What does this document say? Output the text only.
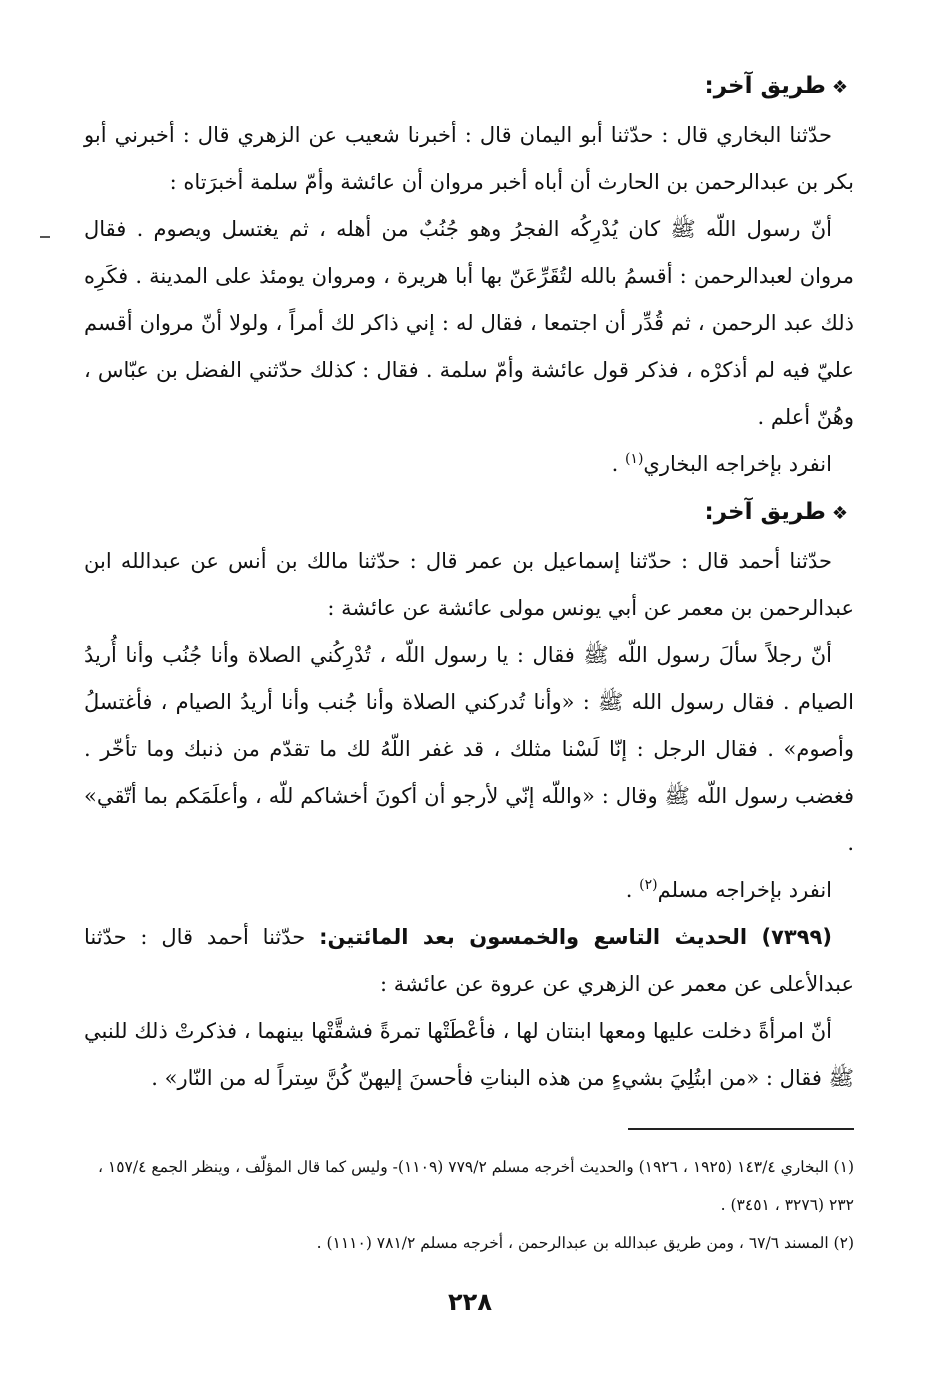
❖طريق آخر:

حدّثنا البخاري قال : حدّثنا أبو اليمان قال : أخبرنا شعيب عن الزهري قال : أخبرني أبو بكر بن عبدالرحمن بن الحارث أن أباه أخبر مروان أن عائشة وأمّ سلمة أخبرَتاه :

أنّ رسول اللّه ﷺ كان يُدْرِكُه الفجرُ وهو جُنُبٌ من أهله ، ثم يغتسل ويصوم . فقال مروان لعبدالرحمن : أقسمُ بالله لتُقَرِّعَنّ بها أبا هريرة ، ومروان يومئذ على المدينة . فكَرِه ذلك عبد الرحمن ، ثم قُدِّر أن اجتمعا ، فقال له : إني ذاكر لك أمراً ، ولولا أنّ مروان أقسم عليّ فيه لم أذكرْه ، فذكر قول عائشة وأمّ سلمة . فقال : كذلك حدّثني الفضل بن عبّاس ، وهُنّ أعلم .

انفرد بإخراجه البخاري$^{(١)}$ .

❖طريق آخر:

حدّثنا أحمد قال : حدّثنا إسماعيل بن عمر قال : حدّثنا مالك بن أنس عن عبدالله ابن عبدالرحمن بن معمر عن أبي يونس مولى عائشة عن عائشة :

أنّ رجلاً سألَ رسول اللّه ﷺ فقال : يا رسول اللّه ، تُدْرِكُني الصلاة وأنا جُنُب وأنا أُريدُ الصيام . فقال رسول الله ﷺ : «وأنا تُدركني الصلاة وأنا جُنب وأنا أريدُ الصيام ، فأغتسلُ وأصوم» . فقال الرجل : إنّا لَسْنا مثلك ، قد غفر اللّهُ لك ما تقدّم من ذنبك وما تأخّر . فغضب رسول اللّه ﷺ وقال : «واللّه إنّي لأرجو أن أكونَ أخشاكم للّه ، وأعلَمَكم بما أتّقي» .

انفرد بإخراجه مسلم$^{(٢)}$ .

(٧٣٩٩) الحديث التاسع والخمسون بعد المائتين: حدّثنا أحمد قال : حدّثنا عبدالأعلى عن معمر عن الزهري عن عروة عن عائشة :

أنّ امرأةً دخلت عليها ومعها ابنتان لها ، فأعْطَتْها تمرةً فشقَّتْها بينهما ، فذكرتْ ذلك للنبي ﷺ فقال : «من ابتُلِيَ بشيءٍ من هذه البناتِ فأحسنَ إليهنّ كُنَّ سِتراً له من النّار» .

(١) البخاري ١٤٣/٤ (١٩٢٥ ، ١٩٢٦) والحديث أخرجه مسلم ٧٧٩/٢ (١١٠٩)- وليس كما قال المؤلّف ، وينظر الجمع ١٥٧/٤ ، ٢٣٢ (٣٢٧٦ ، ٣٤٥١) .

(٢) المسند ٦٧/٦ ، ومن طريق عبدالله بن عبدالرحمن ، أخرجه مسلم ٧٨١/٢ (١١١٠) .

٢٢٨
